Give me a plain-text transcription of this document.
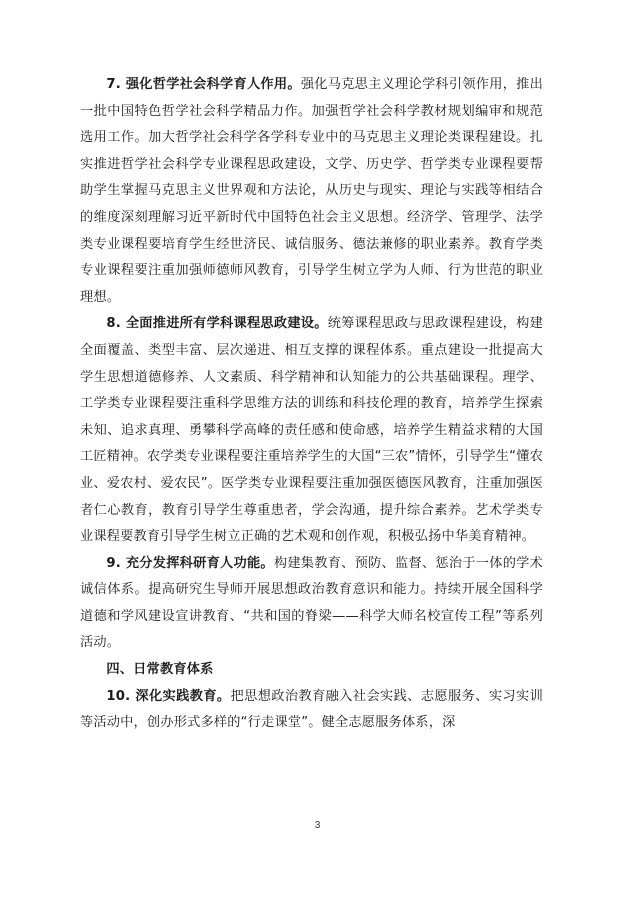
7. 强化哲学社会科学育人作用。强化马克思主义理论学科引领作用，推出一批中国特色哲学社会科学精品力作。加强哲学社会科学教材规划编审和规范选用工作。加大哲学社会科学各学科专业中的马克思主义理论类课程建设。扎实推进哲学社会科学专业课程思政建设，文学、历史学、哲学类专业课程要帮助学生掌握马克思主义世界观和方法论，从历史与现实、理论与实践等相结合的维度深刻理解习近平新时代中国特色社会主义思想。经济学、管理学、法学类专业课程要培育学生经世济民、诚信服务、德法兼修的职业素养。教育学类专业课程要注重加强师德师风教育，引导学生树立学为人师、行为世范的职业理想。

8. 全面推进所有学科课程思政建设。统筹课程思政与思政课程建设，构建全面覆盖、类型丰富、层次递进、相互支撑的课程体系。重点建设一批提高大学生思想道德修养、人文素质、科学精神和认知能力的公共基础课程。理学、工学类专业课程要注重科学思维方法的训练和科技伦理的教育，培养学生探索未知、追求真理、勇攀科学高峰的责任感和使命感，培养学生精益求精的大国工匠精神。农学类专业课程要注重培养学生的大国“三农”情怀，引导学生“懂农业、爱农村、爱农民”。医学类专业课程要注重加强医德医风教育，注重加强医者仁心教育，教育引导学生尊重患者，学会沟通，提升综合素养。艺术学类专业课程要教育引导学生树立正确的艺术观和创作观，积极弘扬中华美育精神。

9. 充分发挥科研育人功能。构建集教育、预防、监督、惩治于一体的学术诚信体系。提高研究生导师开展思想政治教育意识和能力。持续开展全国科学道德和学风建设宣讲教育、“共和国的脊梁——科学大师名校宣传工程”等系列活动。

四、日常教育体系

10. 深化实践教育。把思想政治教育融入社会实践、志愿服务、实习实训等活动中，创办形式多样的“行走课堂”。健全志愿服务体系，深

3
